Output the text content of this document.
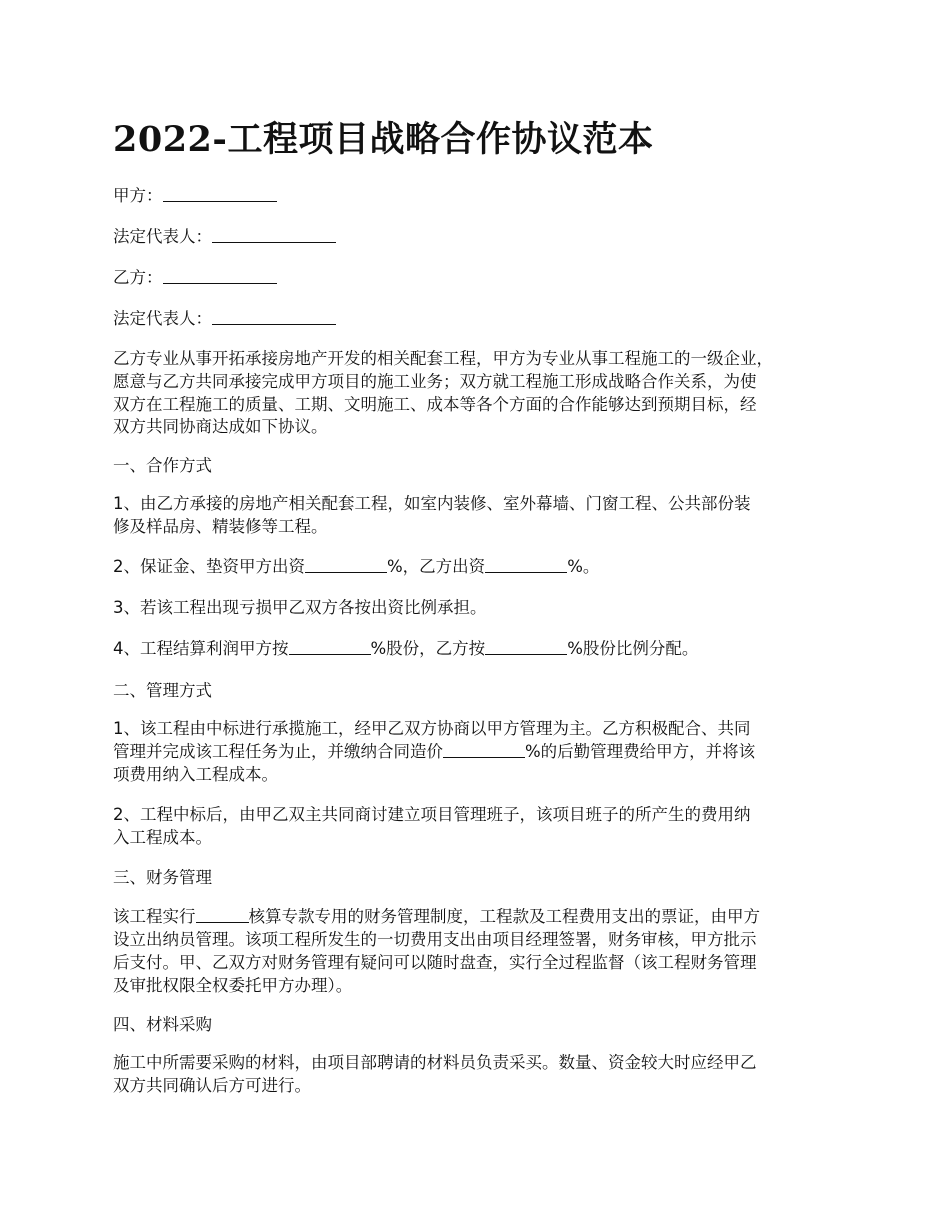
2022-工程项目战略合作协议范本

甲方：

法定代表人：

乙方：

法定代表人：

乙方专业从事开拓承接房地产开发的相关配套工程，甲方为专业从事工程施工的一级企业，

愿意与乙方共同承接完成甲方项目的施工业务；双方就工程施工形成战略合作关系，为使

双方在工程施工的质量、工期、文明施工、成本等各个方面的合作能够达到预期目标，经

双方共同协商达成如下协议。

一、合作方式

1、由乙方承接的房地产相关配套工程，如室内装修、室外幕墙、门窗工程、公共部份装

修及样品房、精装修等工程。

2、保证金、垫资甲方出资	%，乙方出资	%。

3、若该工程出现亏损甲乙双方各按出资比例承担。

4、工程结算利润甲方按	%股份，乙方按	%股份比例分配。

二、管理方式

1、该工程由中标进行承揽施工，经甲乙双方协商以甲方管理为主。乙方积极配合、共同

管理并完成该工程任务为止，并缴纳合同造价	%的后勤管理费给甲方，并将该

项费用纳入工程成本。

2、工程中标后，由甲乙双主共同商讨建立项目管理班子，该项目班子的所产生的费用纳

入工程成本。

三、财务管理

该工程实行	核算专款专用的财务管理制度，工程款及工程费用支出的票证，由甲方

设立出纳员管理。该项工程所发生的一切费用支出由项目经理签署，财务审核，甲方批示

后支付。甲、乙双方对财务管理有疑问可以随时盘查，实行全过程监督（该工程财务管理

及审批权限全权委托甲方办理）。

四、材料采购

施工中所需要采购的材料，由项目部聘请的材料员负责采买。数量、资金较大时应经甲乙

双方共同确认后方可进行。
